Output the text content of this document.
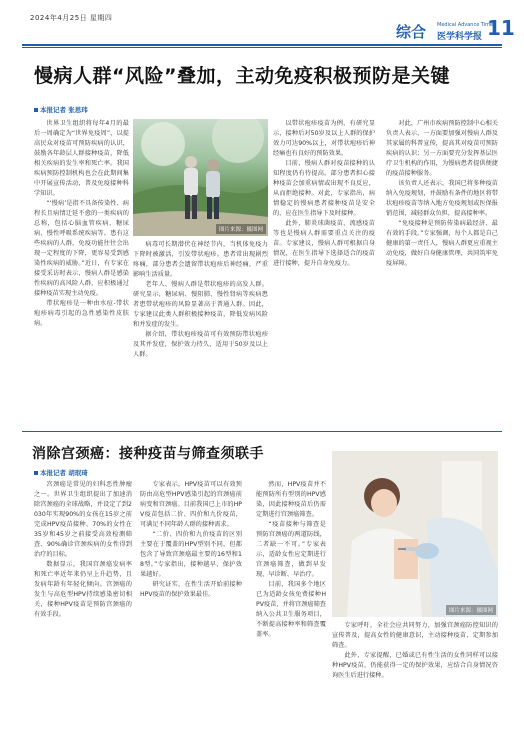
2024年4月25日 星期四
综合 Medical Advance Times
医学科学报 11
慢病人群“风险”叠加，主动免疫积极预防是关键
本报记者 张思玮
图片来源：摄图网

世界卫生组织将每年4月的最后一周确定为“世界免疫周”，以提高民众对疫苗可预防疾病的认识，鼓励各年龄层人群接种疫苗，降低相关疾病的发生率和死亡率。我国疾病预防控制机构也会在此期间集中开展宣传活动，普及免疫接种科学知识。

“‘慢病’是指不具备传染性、病程长且病情迁延不愈的一类疾病的总称，包括心脑血管疾病、糖尿病、慢性呼吸系统疾病等。患有这些疾病的人群，免疫功能往往会出现一定程度的下降，更容易受到感染性疾病的威胁。”近日，有专家在接受采访时表示，慢病人群是感染性疾病的高风险人群，应积极通过接种疫苗实现主动免疫。

带状疱疹是一种由水痘-带状疱疹病毒引起的急性感染性皮肤病。

病毒可长期潜伏在神经节内，当机体免疫力下降时被激活，引发带状疱疹。患者常出现剧烈疼痛，部分患者会遗留带状疱疹后神经痛，严重影响生活质量。

老年人、慢病人群是带状疱疹的高发人群。研究显示，糖尿病、慢阻肺、慢性肾病等疾病患者患带状疱疹的风险显著高于普通人群。因此，专家建议此类人群积极接种疫苗，降低发病风险和并发症的发生。

据介绍，带状疱疹疫苗可有效预防带状疱疹及其并发症，保护效力持久，适用于50岁及以上人群。

以带状疱疹疫苗为例，有研究显示，接种后对50岁及以上人群的保护效力可达90%以上，对带状疱疹后神经痛也有良好的预防效果。

目前，慢病人群对疫苗接种的认知程度仍有待提高。部分患者担心接种疫苗会加重病情或出现不良反应，从而拒绝接种。对此，专家指出，病情稳定的慢病患者接种疫苗是安全的，应在医生指导下及时接种。

此外，肺炎球菌疫苗、流感疫苗等也是慢病人群需要重点关注的疫苗。专家建议，慢病人群可根据自身情况，在医生指导下选择适合的疫苗进行接种，提升自身免疫力。

对此，广州市疾病预防控制中心相关负责人表示，一方面要加强对慢病人群及其家属的科普宣传，提高其对疫苗可预防疾病的认识；另一方面要充分发挥基层医疗卫生机构的作用，为慢病患者提供便捷的疫苗接种服务。

该负责人还表示，我国已将多种疫苗纳入免疫规划，并鼓励有条件的地区将带状疱疹疫苗等纳入地方免疫规划或医保报销范围，减轻群众负担，提高接种率。

“免疫接种是预防传染病最经济、最有效的手段。”专家强调，每个人都是自己健康的第一责任人，慢病人群更应重视主动免疫，做好自身健康管理，共同筑牢免疫屏障。

消除宫颈癌：接种疫苗与筛查须联手
本报记者 胡珉琦

宫颈癌是常见的妇科恶性肿瘤之一。世界卫生组织提出了加速消除宫颈癌的全球战略，并设定了到2030年实现90%的女孩在15岁之前完成HPV疫苗接种、70%的女性在35岁和45岁之前接受高效检测筛查、90%确诊宫颈疾病的女性得到治疗的目标。

数据显示，我国宫颈癌发病率和死亡率近年来仍呈上升趋势，且发病年龄有年轻化倾向。宫颈癌的发生与高危型HPV持续感染密切相关，接种HPV疫苗是预防宫颈癌的有效手段。

专家表示，HPV疫苗可以有效预防由高危型HPV感染引起的宫颈癌前病变和宫颈癌。目前我国已上市的HPV疫苗包括二价、四价和九价疫苗，可满足不同年龄人群的接种需求。

“二价、四价和九价疫苗的区别主要在于覆盖的HPV型别不同，但都包含了导致宫颈癌最主要的16型和18型。”专家指出，接种越早，保护效果越好。

研究证实，在性生活开始前接种HPV疫苗的保护效果最佳。

然而，HPV疫苗并不能预防所有型别的HPV感染，因此接种疫苗后仍需定期进行宫颈癌筛查。

“疫苗接种与筛查是预防宫颈癌的两道防线，二者缺一不可。”专家表示，适龄女性应定期进行宫颈癌筛查，做到早发现、早诊断、早治疗。

目前，我国多个地区已为适龄女孩免费接种HPV疫苗，并将宫颈癌筛查纳入公共卫生服务项目，不断提高接种率和筛查覆盖率。

图片来源：摄图网

专家呼吁，全社会应共同努力，加强宫颈癌防控知识的宣传普及，提高女性的健康意识，主动接种疫苗、定期参加筛查。

此外，专家提醒，已婚或已有性生活的女性同样可以接种HPV疫苗，仍能获得一定的保护效果，应结合自身情况咨询医生后进行接种。
